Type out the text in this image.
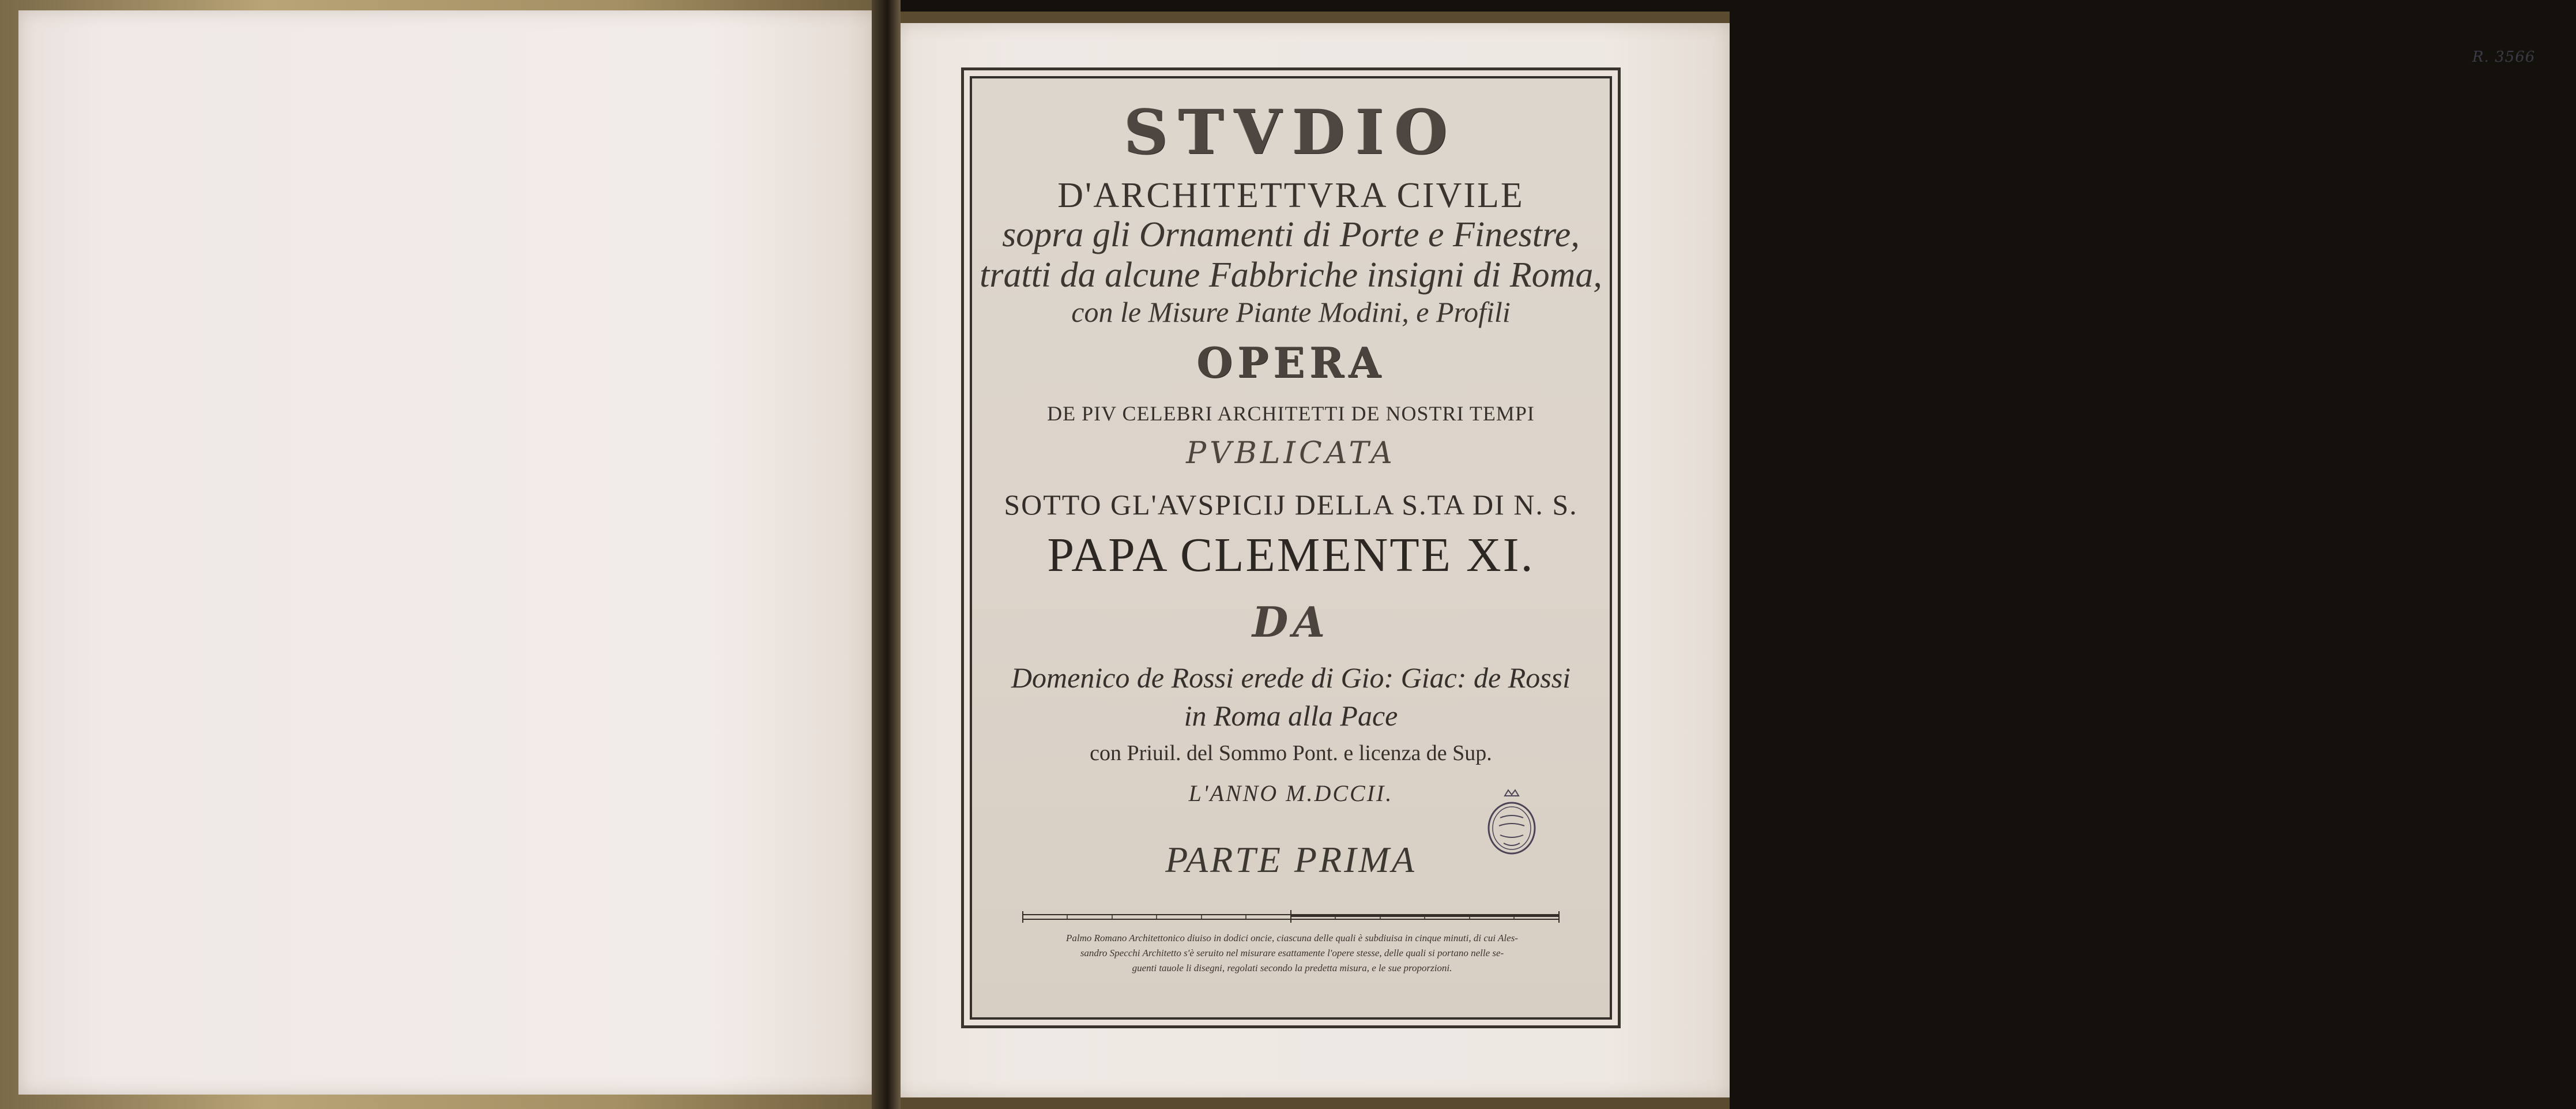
R. 3566
STVDIO
D'ARCHITETTVRA CIVILE
sopra gli Ornamenti di Porte e Finestre,
tratti da alcune Fabbriche insigni di Roma,
con le Misure Piante Modini, e Profili
OPERA
DE PIV CELEBRI ARCHITETTI DE NOSTRI TEMPI
PVBLICATA
SOTTO GL'AVSPICIJ DELLA S.TA DI N. S.
PAPA CLEMENTE XI.
DA
Domenico de Rossi erede di Gio: Giac: de Rossi
in Roma alla Pace
con Priuil. del Sommo Pont. e licenza de Sup.
L'ANNO M.DCCII.
PARTE PRIMA
Palmo Romano Architettonico diuiso in dodici oncie, ciascuna delle quali è subdiuisa in cinque minuti, di cui Ales-
sandro Specchi Architetto s'è seruito nel misurare esattamente l'opere stesse, delle quali si portano nelle se-
guenti tauole li disegni, regolati secondo la predetta misura, e le sue proporzioni.
